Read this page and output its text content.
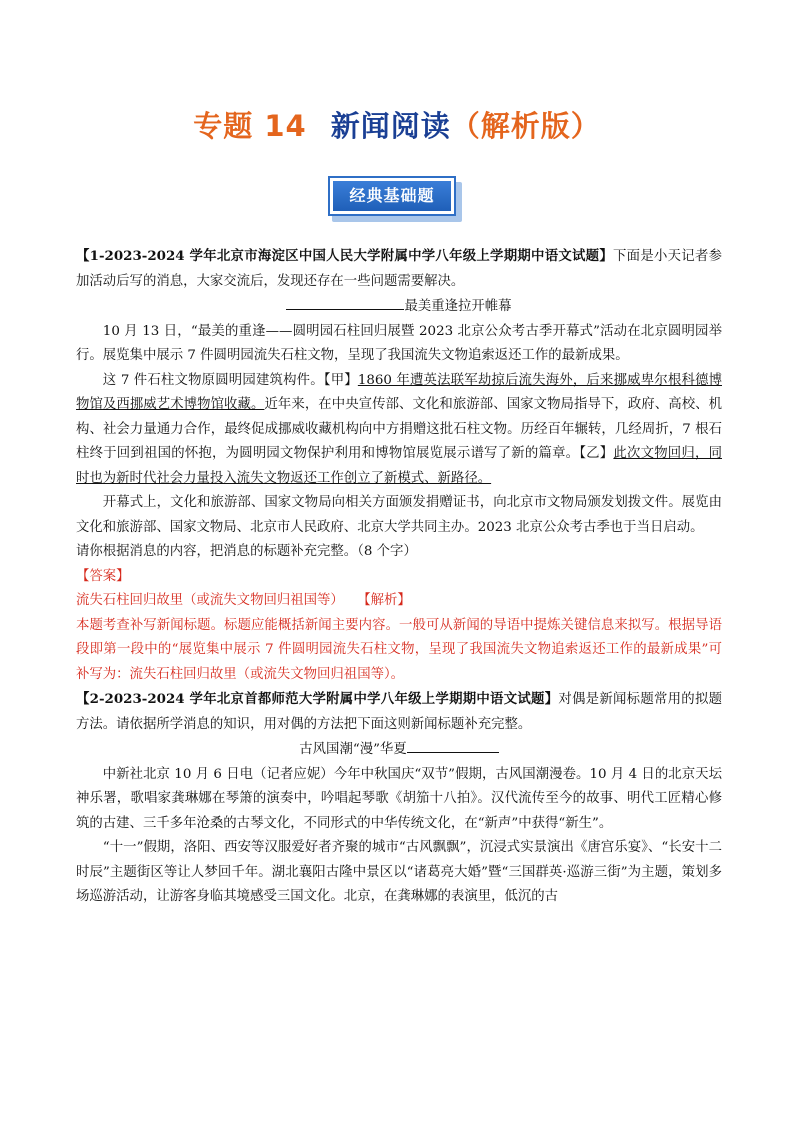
专题 14 新闻阅读（解析版）
经典基础题

【1-2023-2024 学年北京市海淀区中国人民大学附属中学八年级上学期期中语文试题】下面是小天记者参加活动后写的消息，大家交流后，发现还存在一些问题需要解决。

最美重逢拉开帷幕

10 月 13 日，“最美的重逢——圆明园石柱回归展暨 2023 北京公众考古季开幕式”活动在北京圆明园举行。展览集中展示 7 件圆明园流失石柱文物，呈现了我国流失文物追索返还工作的最新成果。

这 7 件石柱文物原圆明园建筑构件。【甲】1860 年遭英法联军劫掠后流失海外，后来挪威卑尔根科德博物馆及西挪威艺术博物馆收藏。近年来，在中央宣传部、文化和旅游部、国家文物局指导下，政府、高校、机构、社会力量通力合作，最终促成挪威收藏机构向中方捐赠这批石柱文物。历经百年辗转，几经周折，7 根石柱终于回到祖国的怀抱，为圆明园文物保护利用和博物馆展览展示谱写了新的篇章。【乙】此次文物回归，同时也为新时代社会力量投入流失文物返还工作创立了新模式、新路径。

开幕式上，文化和旅游部、国家文物局向相关方面颁发捐赠证书，向北京市文物局颁发划拨文件。展览由文化和旅游部、国家文物局、北京市人民政府、北京大学共同主办。2023 北京公众考古季也于当日启动。

请你根据消息的内容，把消息的标题补充完整。（8 个字）

【答案】

流失石柱回归故里（或流失文物回归祖国等）　　 【解析】

本题考查补写新闻标题。标题应能概括新闻主要内容。一般可从新闻的导语中提炼关键信息来拟写。根据导语段即第一段中的“展览集中展示 7 件圆明园流失石柱文物，呈现了我国流失文物追索返还工作的最新成果”可补写为：流失石柱回归故里（或流失文物回归祖国等）。

【2-2023-2024 学年北京首都师范大学附属中学八年级上学期期中语文试题】对偶是新闻标题常用的拟题方法。请依据所学消息的知识，用对偶的方法把下面这则新闻标题补充完整。

古风国潮“漫”华夏

中新社北京 10 月 6 日电（记者应妮）今年中秋国庆“双节”假期，古风国潮漫卷。10 月 4 日的北京天坛神乐署，歌唱家龚琳娜在琴箫的演奏中，吟唱起琴歌《胡笳十八拍》。汉代流传至今的故事、明代工匠精心修筑的古建、三千多年沧桑的古琴文化，不同形式的中华传统文化，在“新声”中获得“新生”。

“十一”假期，洛阳、西安等汉服爱好者齐聚的城市“古风飘飘”，沉浸式实景演出《唐宫乐宴》、“长安十二时辰”主题街区等让人梦回千年。湖北襄阳古隆中景区以“诸葛亮大婚”暨“三国群英·巡游三街”为主题，策划多场巡游活动，让游客身临其境感受三国文化。北京，在龚琳娜的表演里，低沉的古
